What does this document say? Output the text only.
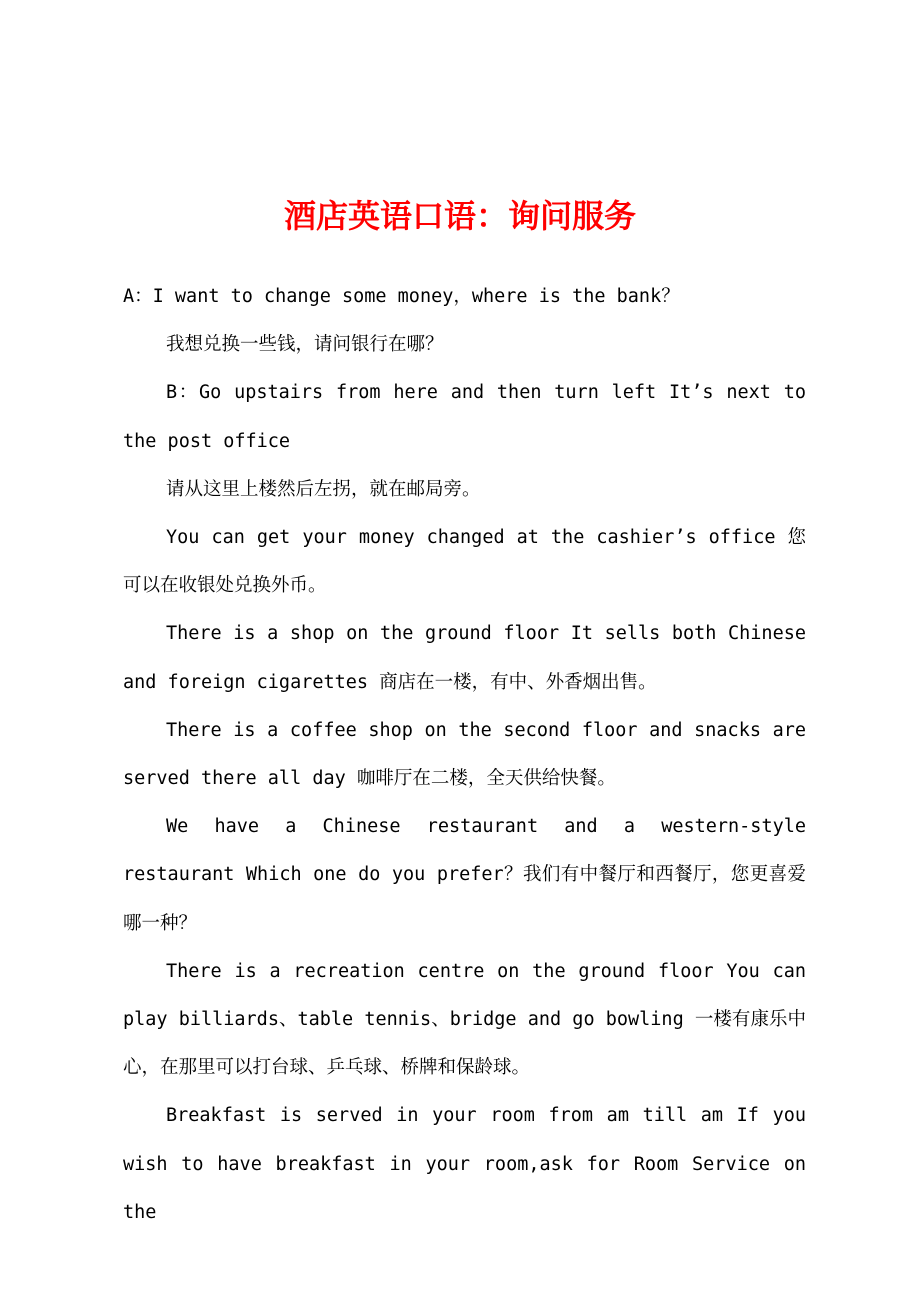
酒店英语口语：询问服务

A：I want to change some money，where is the bank？

我想兑换一些钱，请问银行在哪？

B：Go upstairs from here and then turn left It’s next to the post office

请从这里上楼然后左拐，就在邮局旁。

You can get your money changed at the cashier’s office 您可以在收银处兑换外币。

There is a shop on the ground floor It sells both Chinese and foreign cigarettes 商店在一楼，有中、外香烟出售。

There is a coffee shop on the second floor and snacks are served there all day 咖啡厅在二楼，全天供给快餐。

We have a Chinese restaurant and a western-style restaurant Which one do you prefer？我们有中餐厅和西餐厅，您更喜爱哪一种？

There is a recreation centre on the ground floor You can play billiards、table tennis、bridge and go bowling 一楼有康乐中心，在那里可以打台球、乒乓球、桥牌和保龄球。

Breakfast is served in your room from am till am If you wish to have breakfast in your room,ask for Room Service on the
